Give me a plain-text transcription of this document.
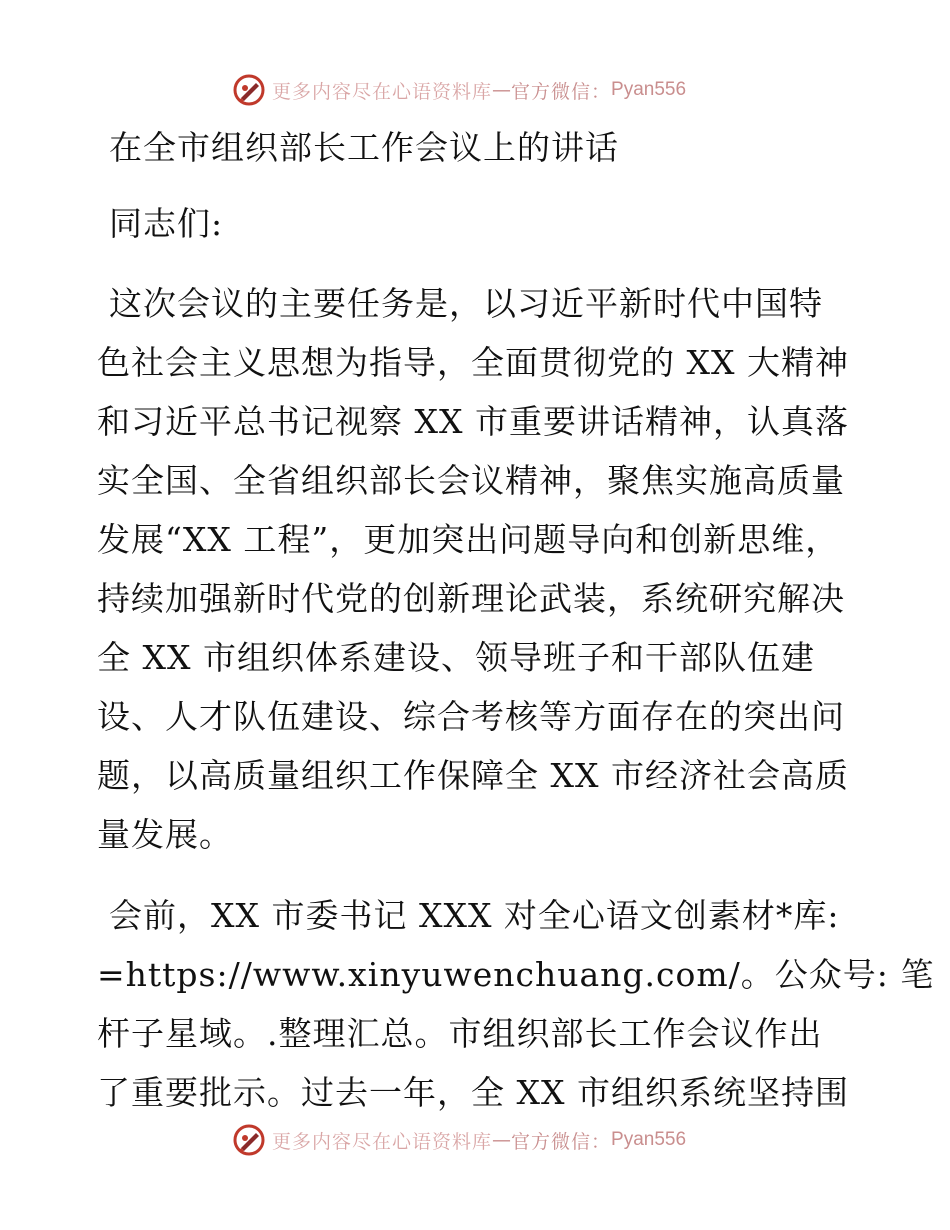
更多内容尽在心语资料库 — 官方微信： Pyan556
在全市组织部长工作会议上的讲话
同志们:
这次会议的主要任务是，以习近平新时代中国特
色社会主义思想为指导，全面贯彻党的 XX 大精神
和习近平总书记视察 XX 市重要讲话精神，认真落
实全国、全省组织部长会议精神，聚焦实施高质量
发展“XX 工程”，更加突出问题导向和创新思维，
持续加强新时代党的创新理论武装，系统研究解决
全 XX 市组织体系建设、领导班子和干部队伍建
设、人才队伍建设、综合考核等方面存在的突出问
题，以高质量组织工作保障全 XX 市经济社会高质
量发展。
会前，XX 市委书记 XXX 对全心语文创素材*库:
=https://www.xinyuwenchuang.com/。公众号: 笔
杆子星域。.整理汇总。市组织部长工作会议作出
了重要批示。过去一年，全 XX 市组织系统坚持围
更多内容尽在心语资料库 — 官方微信： Pyan556
